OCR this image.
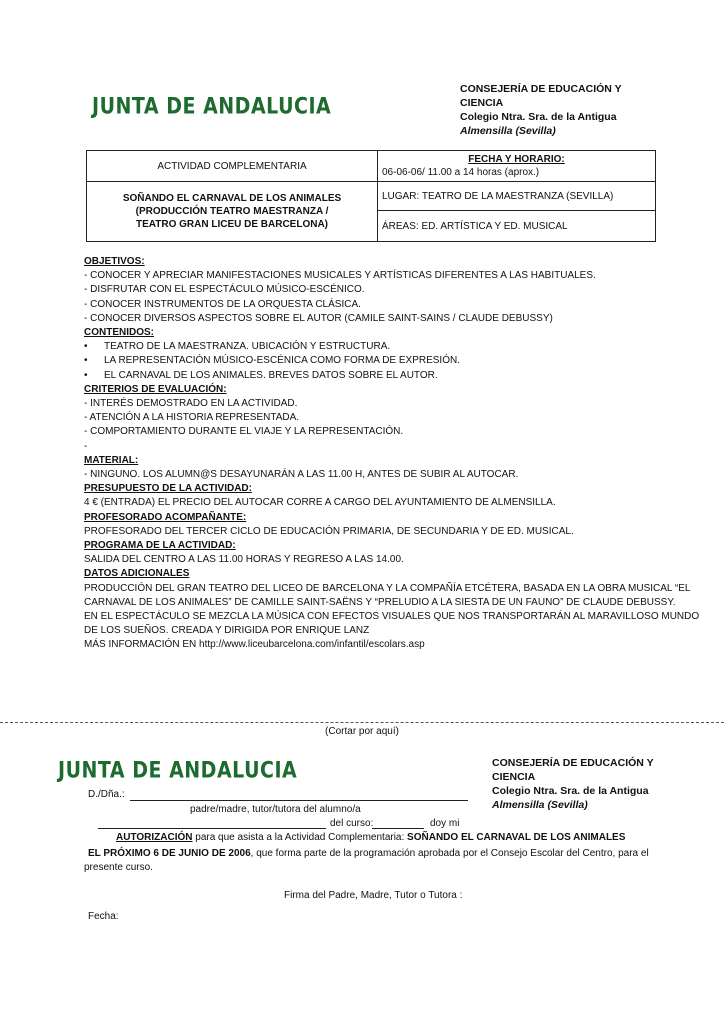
JUNTA DE ANDALUCIA
CONSEJERÍA DE EDUCACIÓN Y
CIENCIA
Colegio Ntra. Sra. de la Antigua
Almensilla (Sevilla)
ACTIVIDAD COMPLEMENTARIA	FECHA Y HORARIO:
06-06-06/ 11.00 a 14 horas (aprox.)

SOÑANDO EL CARNAVAL DE LOS ANIMALES
(PRODUCCIÓN TEATRO MAESTRANZA /
TEATRO GRAN LICEU DE BARCELONA)	LUGAR: TEATRO DE LA MAESTRANZA (SEVILLA)
	ÁREAS: ED. ARTÍSTICA Y ED. MUSICAL
OBJETIVOS:
- CONOCER Y APRECIAR MANIFESTACIONES MUSICALES Y ARTÍSTICAS DIFERENTES A LAS HABITUALES.
- DISFRUTAR CON EL ESPECTÁCULO MÚSICO-ESCÉNICO.
- CONOCER INSTRUMENTOS DE LA ORQUESTA CLÁSICA.
- CONOCER DIVERSOS ASPECTOS SOBRE EL AUTOR (CAMILE SAINT-SAINS / CLAUDE DEBUSSY)
CONTENIDOS:
• TEATRO DE LA MAESTRANZA. UBICACIÓN Y ESTRUCTURA.
• LA REPRESENTACIÓN MÚSICO-ESCÉNICA COMO FORMA DE EXPRESIÓN.
• EL CARNAVAL DE LOS ANIMALES. BREVES DATOS SOBRE EL AUTOR.
CRITERIOS DE EVALUACIÓN:
- INTERÉS DEMOSTRADO EN LA ACTIVIDAD.
- ATENCIÓN A LA HISTORIA REPRESENTADA.
- COMPORTAMIENTO DURANTE EL VIAJE Y LA REPRESENTACIÓN.
-
MATERIAL:
- NINGUNO. LOS ALUMN@S DESAYUNARÁN A LAS 11.00 H, ANTES DE SUBIR AL AUTOCAR.
PRESUPUESTO DE LA ACTIVIDAD:
4 € (ENTRADA) EL PRECIO DEL AUTOCAR CORRE A CARGO DEL AYUNTAMIENTO DE ALMENSILLA.
PROFESORADO ACOMPAÑANTE:
PROFESORADO DEL TERCER CICLO DE EDUCACIÓN PRIMARIA, DE SECUNDARIA Y DE ED. MUSICAL.
PROGRAMA DE LA ACTIVIDAD:
SALIDA DEL CENTRO A LAS 11.00 HORAS Y REGRESO A LAS 14.00.
DATOS ADICIONALES
PRODUCCIÓN DEL GRAN TEATRO DEL LICEO DE BARCELONA Y LA COMPAÑÍA ETCÉTERA, BASADA EN LA OBRA MUSICAL “EL
CARNAVAL DE LOS ANIMALES” DE CAMILLE SAINT-SAËNS Y “PRELUDIO A LA SIESTA DE UN FAUNO” DE CLAUDE DEBUSSY.
EN EL ESPECTÁCULO SE MEZCLA LA MÚSICA CON EFECTOS VISUALES QUE NOS TRANSPORTARÁN AL MARAVILLOSO MUNDO
DE LOS SUEÑOS. CREADA Y DIRIGIDA POR ENRIQUE LANZ
MÁS INFORMACIÓN EN http://www.liceubarcelona.com/infantil/escolars.asp
(Cortar por aquí)
JUNTA DE ANDALUCIA	CONSEJERÍA DE EDUCACIÓN Y
CIENCIA
Colegio Ntra. Sra. de la Antigua
Almensilla (Sevilla)
D./Dña.:
padre/madre, tutor/tutora del alumno/a
del curso:	doy mi
AUTORIZACIÓN para que asista a la Actividad Complementaria: SOÑANDO EL CARNAVAL DE LOS ANIMALES
EL PRÓXIMO 6 DE JUNIO DE 2006, que forma parte de la programación aprobada por el Consejo Escolar del Centro, para el
presente curso.
Firma del Padre, Madre, Tutor o Tutora :
Fecha:
